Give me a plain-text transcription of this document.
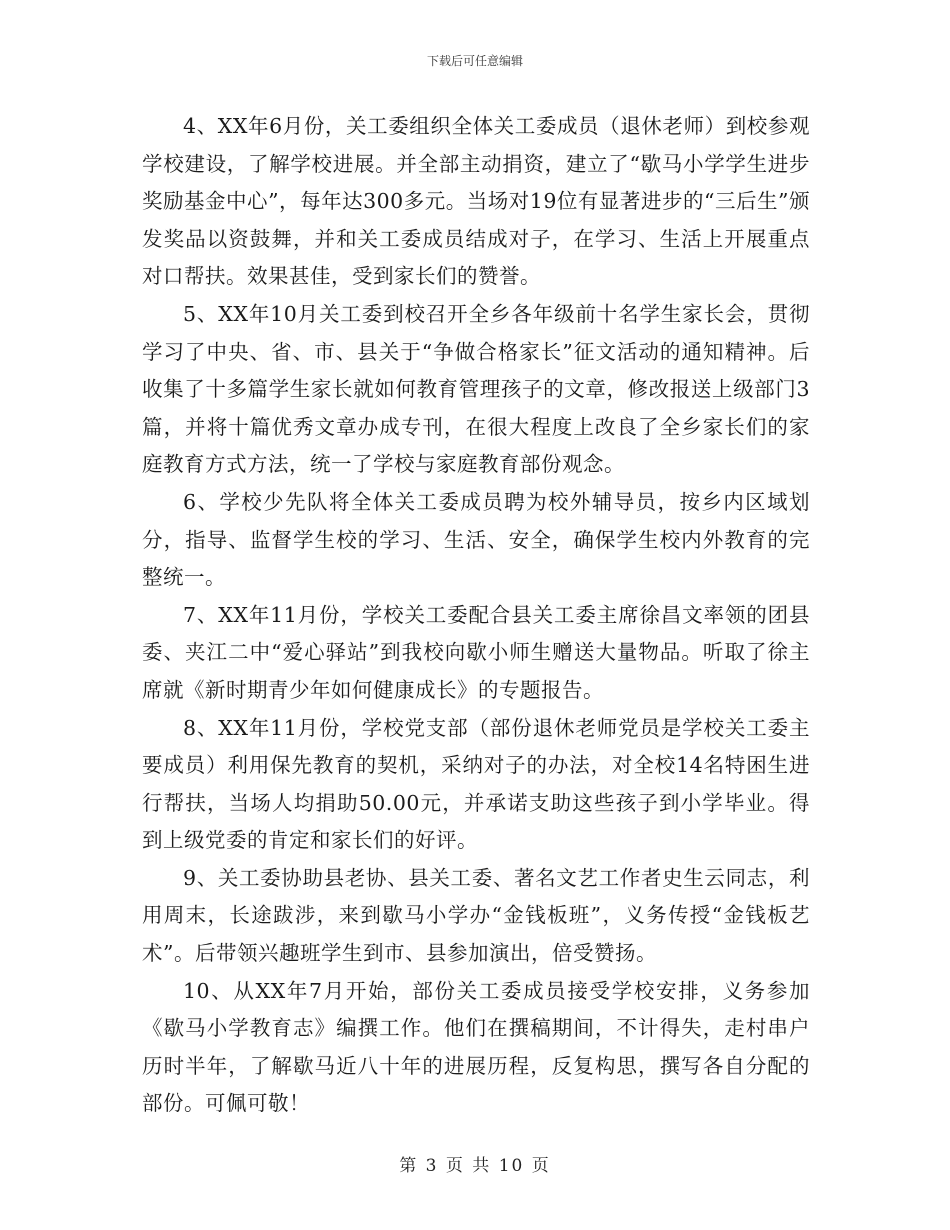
下载后可任意编辑

4、XX年6月份，关工委组织全体关工委成员（退休老师）到校参观学校建设，了解学校进展。并全部主动捐资，建立了“歇马小学学生进步奖励基金中心”，每年达300多元。当场对19位有显著进步的“三后生”颁发奖品以资鼓舞，并和关工委成员结成对子，在学习、生活上开展重点对口帮扶。效果甚佳，受到家长们的赞誉。

5、XX年10月关工委到校召开全乡各年级前十名学生家长会，贯彻学习了中央、省、市、县关于“争做合格家长”征文活动的通知精神。后收集了十多篇学生家长就如何教育管理孩子的文章，修改报送上级部门3篇，并将十篇优秀文章办成专刊，在很大程度上改良了全乡家长们的家庭教育方式方法，统一了学校与家庭教育部份观念。

6、学校少先队将全体关工委成员聘为校外辅导员，按乡内区域划分，指导、监督学生校的学习、生活、安全，确保学生校内外教育的完整统一。

7、XX年11月份，学校关工委配合县关工委主席徐昌文率领的团县委、夹江二中“爱心驿站”到我校向歇小师生赠送大量物品。听取了徐主席就《新时期青少年如何健康成长》的专题报告。

8、XX年11月份，学校党支部（部份退休老师党员是学校关工委主要成员）利用保先教育的契机，采纳对子的办法，对全校14名特困生进行帮扶，当场人均捐助50.00元，并承诺支助这些孩子到小学毕业。得到上级党委的肯定和家长们的好评。

9、关工委协助县老协、县关工委、著名文艺工作者史生云同志，利用周末，长途跋涉，来到歇马小学办“金钱板班”，义务传授“金钱板艺术”。后带领兴趣班学生到市、县参加演出，倍受赞扬。

10、从XX年7月开始，部份关工委成员接受学校安排，义务参加《歇马小学教育志》编撰工作。他们在撰稿期间，不计得失，走村串户历时半年，了解歇马近八十年的进展历程，反复构思，撰写各自分配的部份。可佩可敬！

第 3 页 共 10 页
